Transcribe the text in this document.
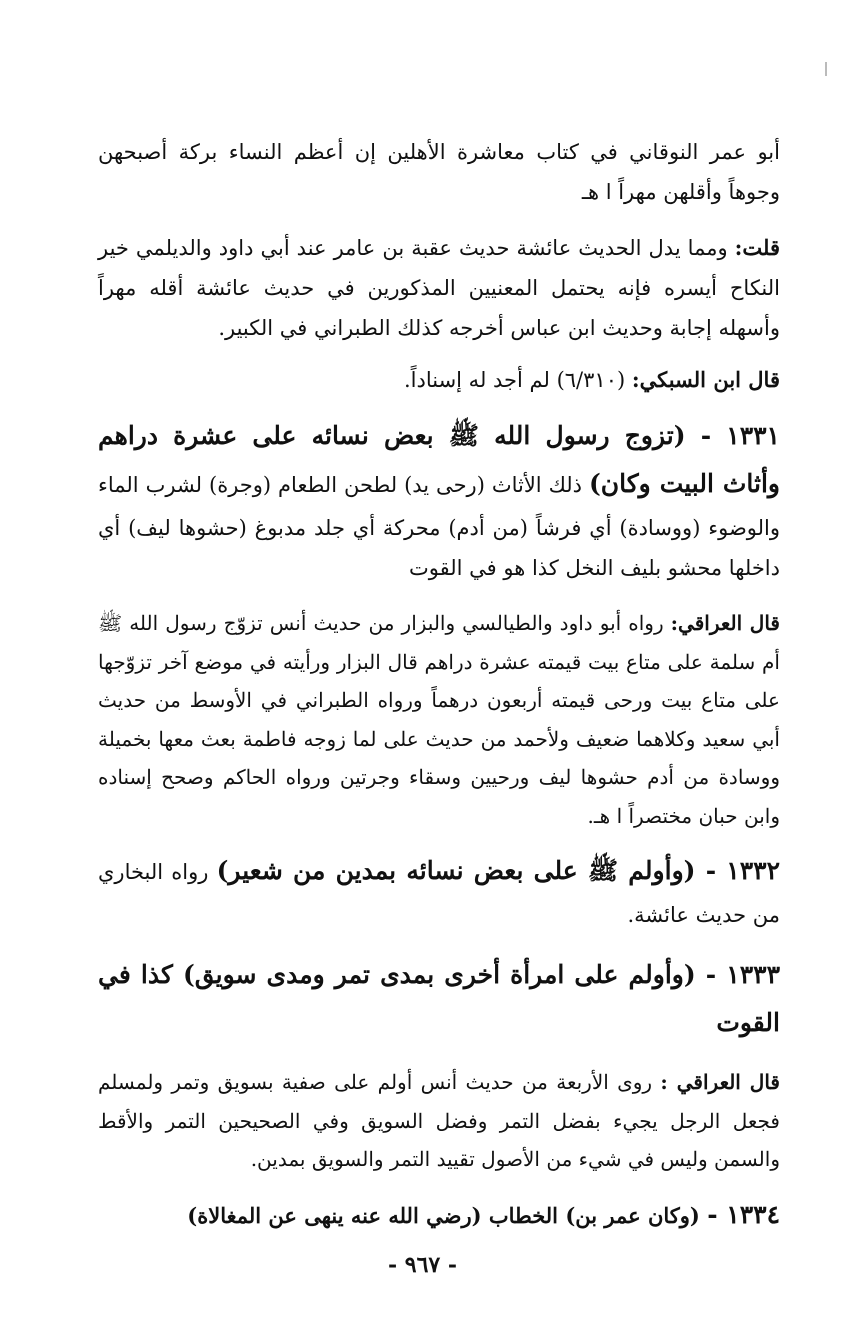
أبو عمر النوقاني في كتاب معاشرة الأهلين إن أعظم النساء بركة أصبحهن وجوهاً وأقلهن مهراً ا هـ

قلت: ومما يدل الحديث عائشة حديث عقبة بن عامر عند أبي داود والديلمي خير النكاح أيسره فإنه يحتمل المعنيين المذكورين في حديث عائشة أقله مهراً وأسهله إجابة وحديث ابن عباس أخرجه كذلك الطبراني في الكبير.

قال ابن السبكي: (٦/٣١٠) لم أجد له إسناداً.

١٣٣١ - (تزوج رسول الله ﷺ بعض نسائه على عشرة دراهم وأثاث البيت وكان) ذلك الأثاث (رحى يد) لطحن الطعام (وجرة) لشرب الماء والوضوء (ووسادة) أي فرشاً (من أدم) محركة أي جلد مدبوغ (حشوها ليف) أي داخلها محشو بليف النخل كذا هو في القوت

قال العراقي: رواه أبو داود والطيالسي والبزار من حديث أنس تزوّج رسول الله ﷺ أم سلمة على متاع بيت قيمته عشرة دراهم قال البزار ورأيته في موضع آخر تزوّجها على متاع بيت ورحى قيمته أربعون درهماً ورواه الطبراني في الأوسط من حديث أبي سعيد وكلاهما ضعيف ولأحمد من حديث على لما زوجه فاطمة بعث معها بخميلة ووسادة من أدم حشوها ليف ورحيين وسقاء وجرتين ورواه الحاكم وصحح إسناده وابن حبان مختصراً ا هـ.

١٣٣٢ - (وأولم ﷺ على بعض نسائه بمدين من شعير) رواه البخاري من حديث عائشة.

١٣٣٣ - (وأولم على امرأة أخرى بمدى تمر ومدى سويق) كذا في القوت

قال العراقي : روى الأربعة من حديث أنس أولم على صفية بسويق وتمر ولمسلم فجعل الرجل يجيء بفضل التمر وفضل السويق وفي الصحيحين التمر والأقط والسمن وليس في شيء من الأصول تقييد التمر والسويق بمدين.

١٣٣٤ - (وكان عمر بن) الخطاب (رضي الله عنه ينهى عن المغالاة)

- ٩٦٧ -
